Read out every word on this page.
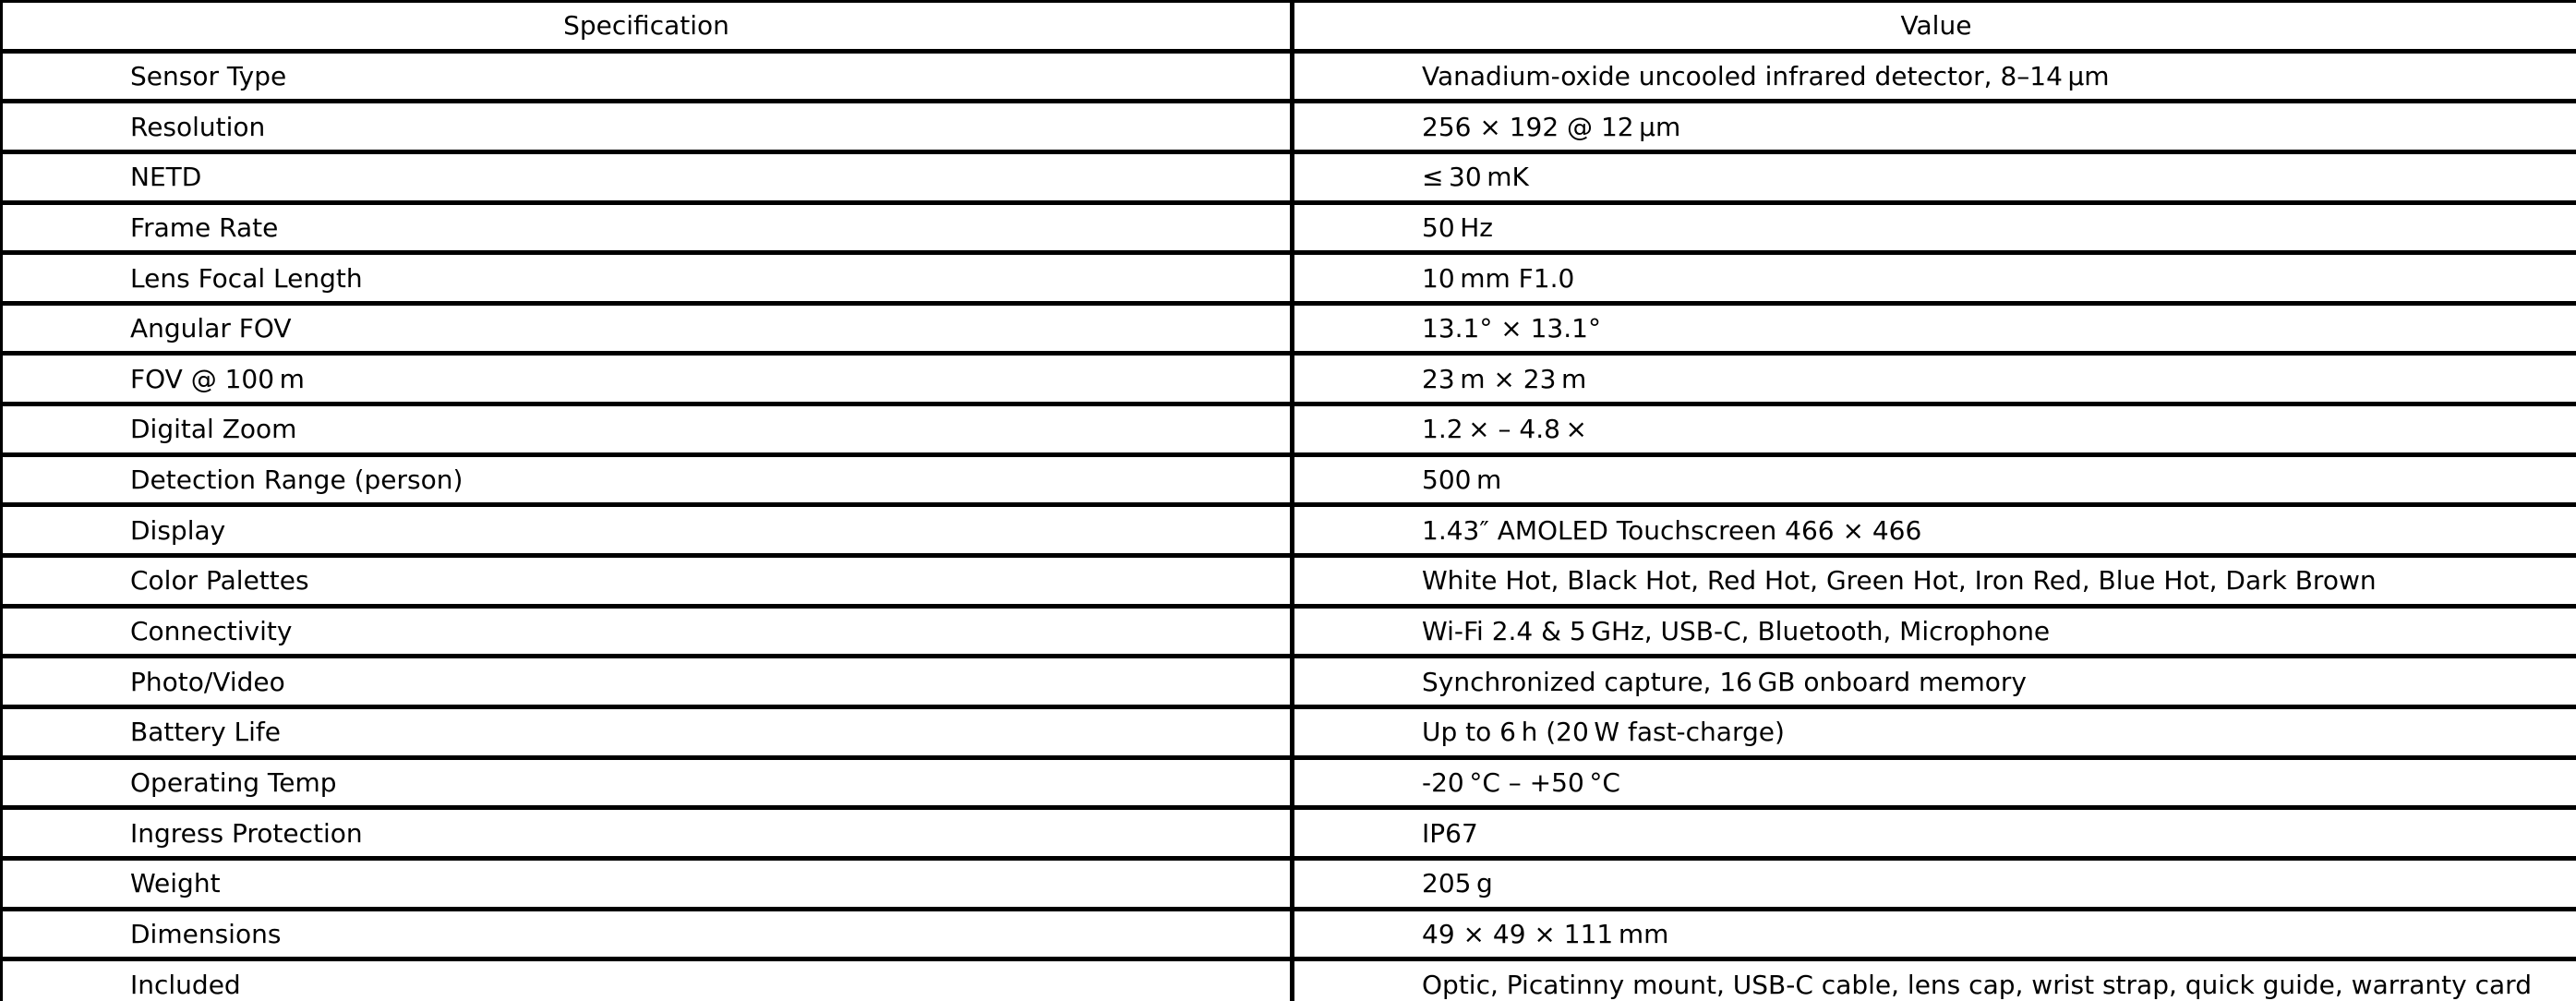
Specification	Value
Sensor Type	Vanadium-oxide uncooled infrared detector, 8–14 µm
Resolution	256 × 192 @ 12 µm
NETD	≤ 30 mK
Frame Rate	50 Hz
Lens Focal Length	10 mm F1.0
Angular FOV	13.1° × 13.1°
FOV @ 100 m	23 m × 23 m
Digital Zoom	1.2 × – 4.8 ×
Detection Range (person)	500 m
Display	1.43″ AMOLED Touchscreen 466 × 466
Color Palettes	White Hot, Black Hot, Red Hot, Green Hot, Iron Red, Blue Hot, Dark Brown
Connectivity	Wi-Fi 2.4 & 5 GHz, USB-C, Bluetooth, Microphone
Photo/Video	Synchronized capture, 16 GB onboard memory
Battery Life	Up to 6 h (20 W fast-charge)
Operating Temp	-20 °C – +50 °C
Ingress Protection	IP67
Weight	205 g
Dimensions	49 × 49 × 111 mm
Included	Optic, Picatinny mount, USB-C cable, lens cap, wrist strap, quick guide, warranty card
